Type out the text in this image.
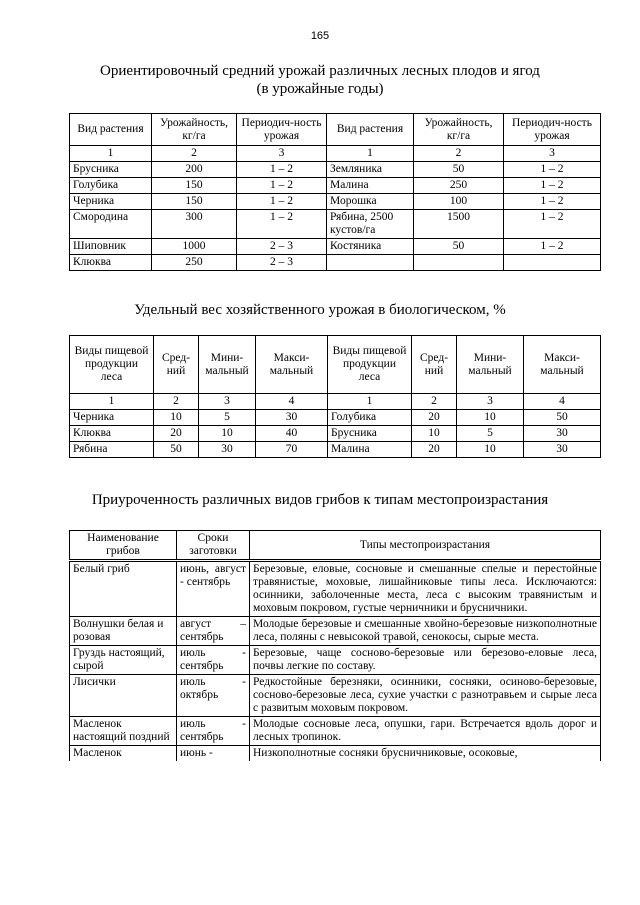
165
Ориентировочный средний урожай различных лесных плодов и ягод
(в урожайные годы)
Вид растения	Урожайность, кг/га	Периодич-ность урожая	Вид растения	Урожайность, кг/га	Периодич-ность урожая
1	2	3	1	2	3
Брусника	200	1 – 2	Земляника	50	1 – 2
Голубика	150	1 – 2	Малина	250	1 – 2
Черника	150	1 – 2	Морошка	100	1 – 2
Смородина	300	1 – 2	Рябина, 2500 кустов/га	1500	1 – 2
Шиповник	1000	2 – 3	Костяника	50	1 – 2
Клюква	250	2 – 3			
Удельный вес хозяйственного урожая в биологическом, %
Виды пищевой продукции леса	Сред-ний	Мини-мальный	Макси-мальный	Виды пищевой продукции леса	Сред-ний	Мини-мальный	Макси-мальный
1	2	3	4	1	2	3	4
Черника	10	5	30	Голубика	20	10	50
Клюква	20	10	40	Брусника	10	5	30
Рябина	50	30	70	Малина	20	10	30
Приуроченность различных видов грибов к типам местопроизрастания
Наименование грибов	Сроки заготовки	Типы местопроизрастания
Белый гриб	июнь, август - сентябрь	Березовые, еловые, сосновые и смешанные спелые и перестойные травянистые, моховые, лишайниковые типы леса. Исключаются: осинники, заболоченные места, леса с высоким травянистым и моховым покровом, густые черничники и брусничники.
Волнушки белая и розовая	август – сентябрь	Молодые березовые и смешанные хвойно-березовые низкополнотные леса, поляны с невысокой травой, сенокосы, сырые места.
Груздь настоящий, сырой	июль - сентябрь	Березовые, чаще сосново-березовые или березово-еловые леса, почвы легкие по составу.
Лисички	июль - октябрь	Редкостойные березняки, осинники, сосняки, осиново-березовые, сосново-березовые леса, сухие участки с разнотравьем и сырые леса с развитым моховым покровом.
Масленок настоящий поздний	июль - сентябрь	Молодые сосновые леса, опушки, гари. Встречается вдоль дорог и лесных тропинок.
Масленок	июнь -	Низкополнотные сосняки брусничниковые, осоковые,
